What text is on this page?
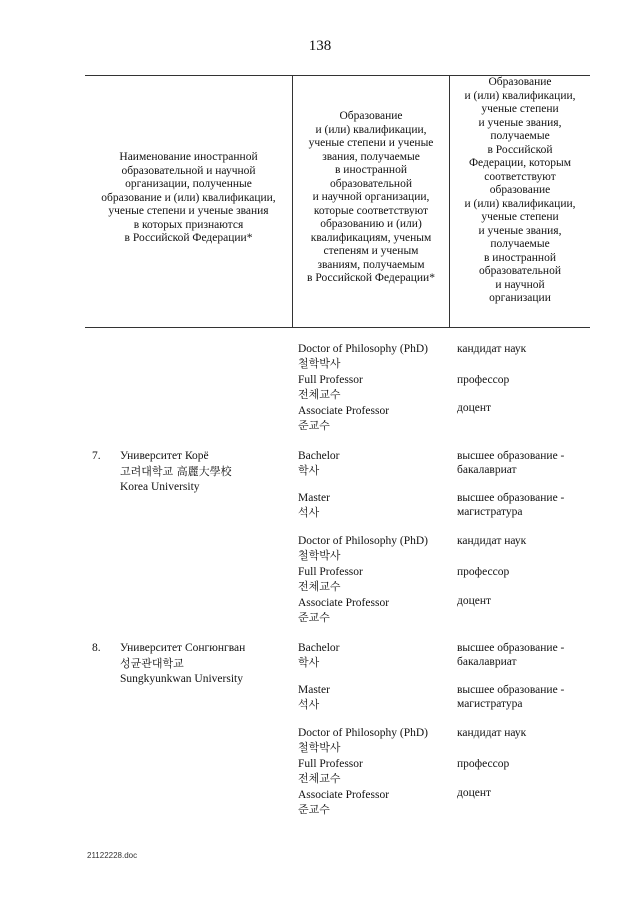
138
Наименование иностранной
образовательной и научной
организации, полученные
образование и (или) квалификации,
ученые степени и ученые звания
в которых признаются
в Российской Федерации*
Образование
и (или) квалификации,
ученые степени и ученые
звания, получаемые
в иностранной
образовательной
и научной организации,
которые соответствуют
образованию и (или)
квалификациям, ученым
степеням и ученым
званиям, получаемым
в Российской Федерации*
Образование
и (или) квалификации,
ученые степени
и ученые звания,
получаемые
в Российской
Федерации, которым
соответствуют
образование
и (или) квалификации,
ученые степени
и ученые звания,
получаемые
в иностранной
образовательной
и научной
организации
Doctor of Philosophy (PhD)
철학박사
кандидат наук
Full Professor
전체교수
профессор
Associate Professor
준교수
доцент
7. Университет Корё
고려대학교 高麗大學校
Korea University
Bachelor
학사
высшее образование -
бакалавриат
Master
석사
высшее образование -
магистратура
Doctor of Philosophy (PhD)
철학박사
кандидат наук
Full Professor
전체교수
профессор
Associate Professor
준교수
доцент
8. Университет Сонгюнгван
성균관대학교
Sungkyunkwan University
Bachelor
학사
высшее образование -
бакалавриат
Master
석사
высшее образование -
магистратура
Doctor of Philosophy (PhD)
철학박사
кандидат наук
Full Professor
전체교수
профессор
Associate Professor
준교수
доцент
21122228.doc
